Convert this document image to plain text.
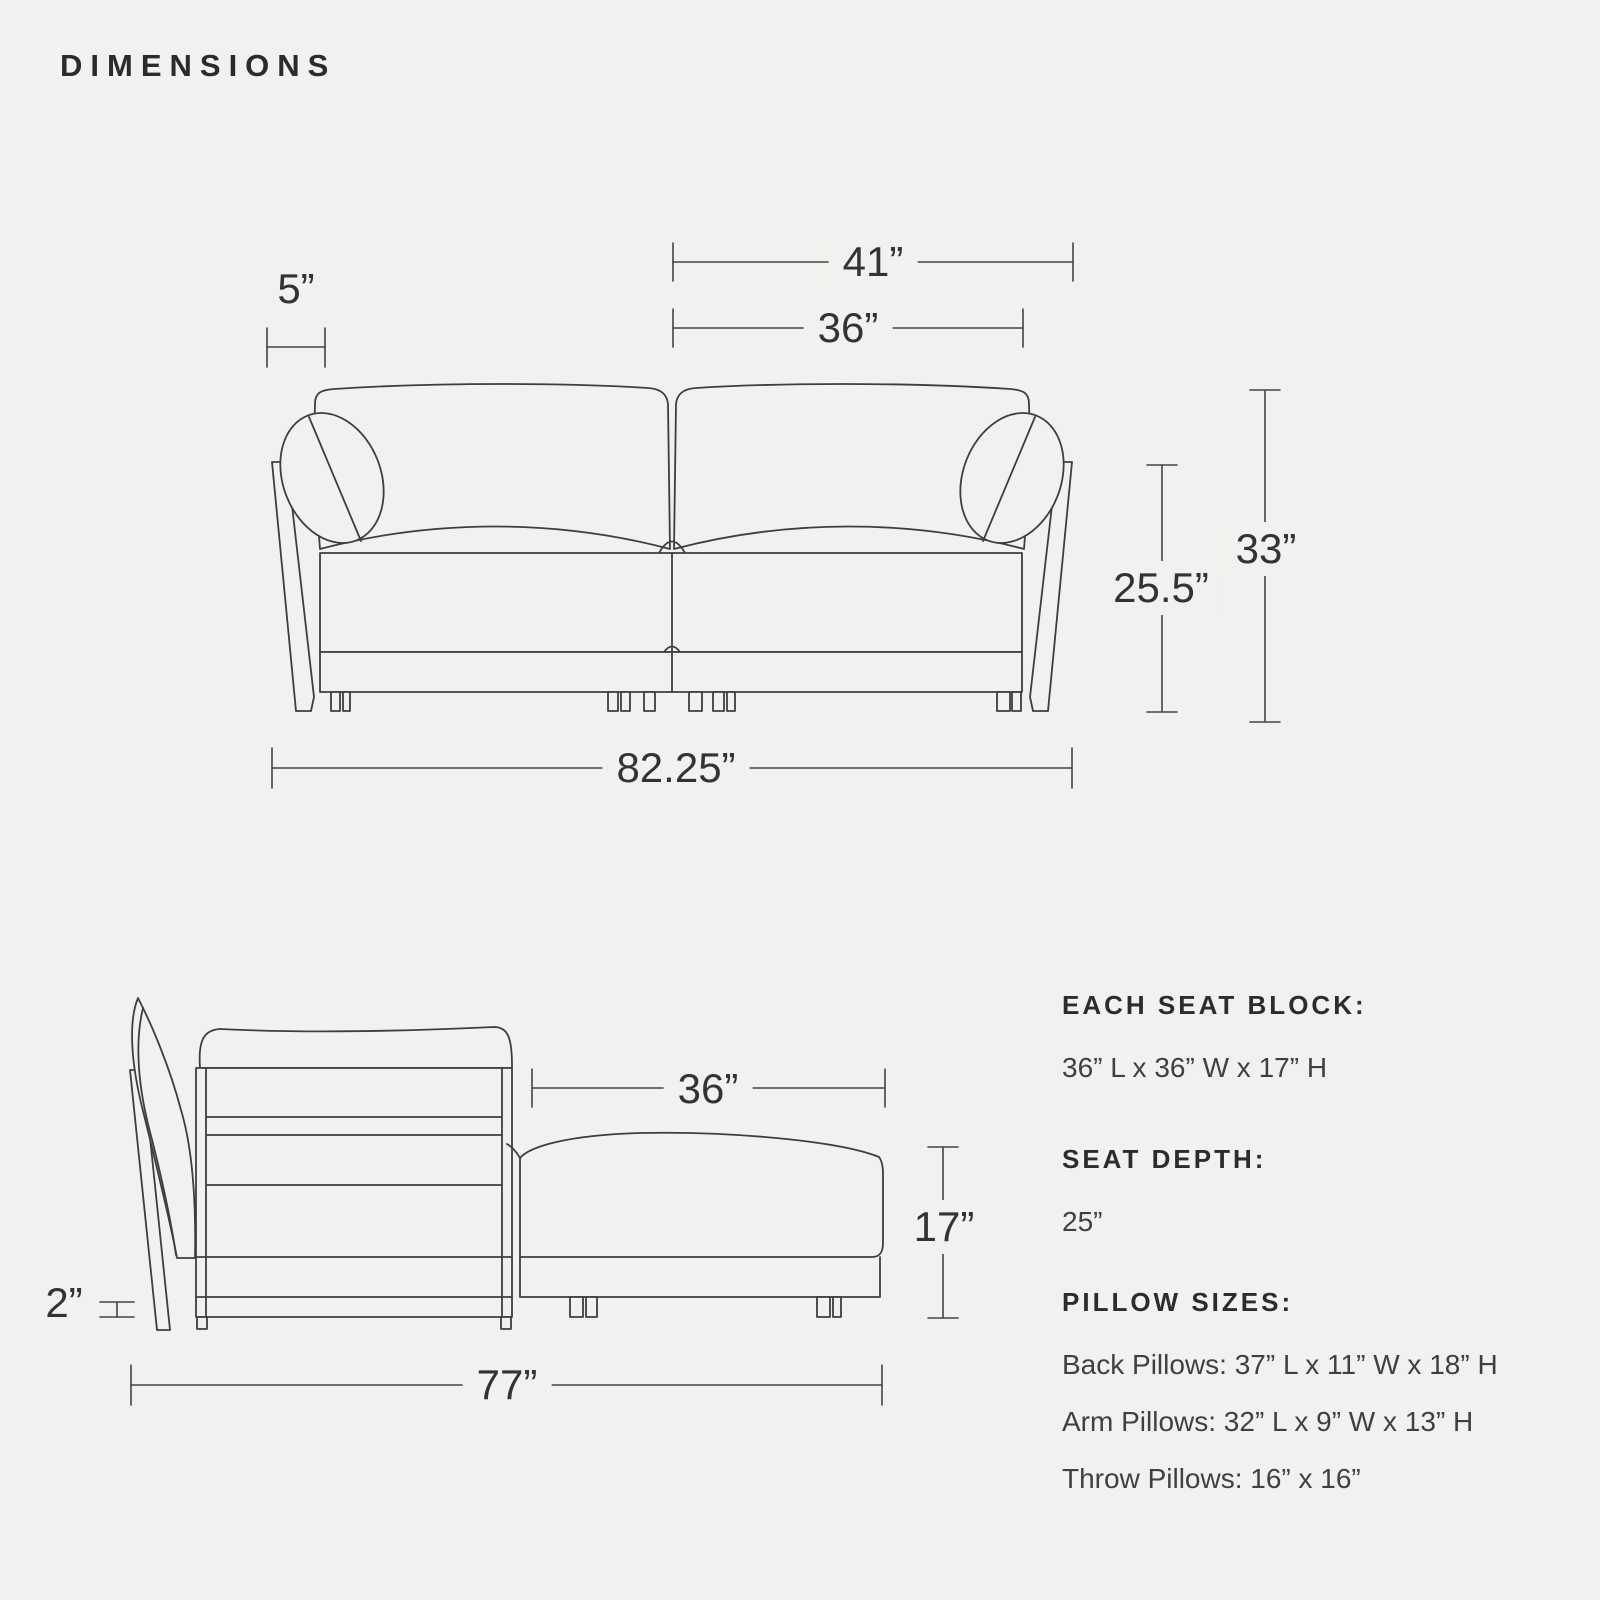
DIMENSIONS
41”
36”
5”
82.25”
25.5”
33”
36”
17”
2”
77”
EACH SEAT BLOCK:
36” L x 36” W x 17” H
SEAT DEPTH:
25”
PILLOW SIZES:
Back Pillows: 37” L x 11” W x 18” H
Arm Pillows: 32” L x 9” W x 13” H
Throw Pillows: 16” x 16”
